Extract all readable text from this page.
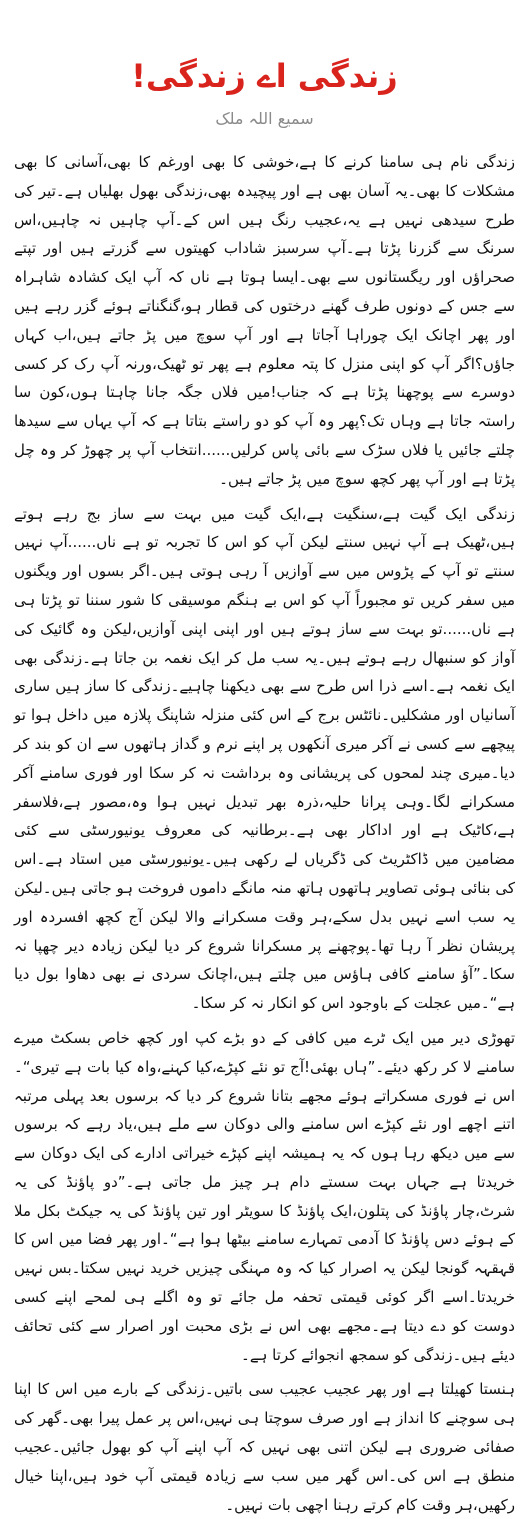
زندگی اے زندگی!
سمیع اللہ ملک

زندگی نام ہی سامنا کرنے کا ہے،خوشی کا بھی اورغم کا بھی،آسانی کا بھی مشکلات کا بھی۔یہ آسان بھی ہے اور پیچیدہ بھی،زندگی بھول بھلیاں ہے۔تیر کی طرح سیدھی نہیں ہے یہ،عجیب رنگ ہیں اس کے۔آپ چاہیں نہ چاہیں،اس سرنگ سے گزرنا پڑتا ہے۔آپ سرسبز شاداب کھیتوں سے گزرتے ہیں اور تپتے صحراؤں اور ریگستانوں سے بھی۔ایسا ہوتا ہے ناں کہ آپ ایک کشادہ شاہراہ سے جس کے دونوں طرف گھنے درختوں کی قطار ہو،گنگناتے ہوئے گزر رہے ہیں اور پھر اچانک ایک چوراہا آجاتا ہے اور آپ سوچ میں پڑ جاتے ہیں،اب کہاں جاؤں؟اگر آپ کو اپنی منزل کا پتہ معلوم ہے پھر تو ٹھیک،ورنہ آپ رک کر کسی دوسرے سے پوچھنا پڑتا ہے کہ جناب!میں فلاں جگہ جانا چاہتا ہوں،کون سا راستہ جاتا ہے وہاں تک؟پھر وہ آپ کو دو راستے بتاتا ہے کہ آپ یہاں سے سیدھا چلتے جائیں یا فلاں سڑک سے بائی پاس کرلیں......انتخاب آپ پر چھوڑ کر وہ چل پڑتا ہے اور آپ پھر کچھ سوچ میں پڑ جاتے ہیں۔

زندگی ایک گیت ہے،سنگیت ہے،ایک گیت میں بہت سے ساز بج رہے ہوتے ہیں،ٹھیک ہے آپ نہیں سنتے لیکن آپ کو اس کا تجربہ تو ہے ناں......آپ نہیں سنتے تو آپ کے پڑوس میں سے آوازیں آ رہی ہوتی ہیں۔اگر بسوں اور ویگنوں میں سفر کریں تو مجبوراً آپ کو اس بے ہنگم موسیقی کا شور سننا تو پڑتا ہی ہے ناں......تو بہت سے ساز ہوتے ہیں اور اپنی اپنی آوازیں،لیکن وہ گائیک کی آواز کو سنبھال رہے ہوتے ہیں۔یہ سب مل کر ایک نغمہ بن جاتا ہے۔زندگی بھی ایک نغمہ ہے۔اسے ذرا اس طرح سے بھی دیکھنا چاہیے۔زندگی کا ساز ہیں ساری آسانیاں اور مشکلیں۔نائٹس برج کے اس کئی منزلہ شاپنگ پلازہ میں داخل ہوا تو پیچھے سے کسی نے آکر میری آنکھوں پر اپنے نرم و گداز ہاتھوں سے ان کو بند کر دیا۔میری چند لمحوں کی پریشانی وہ برداشت نہ کر سکا اور فوری سامنے آکر مسکرانے لگا۔وہی پرانا حلیہ،ذرہ بھر تبدیل نہیں ہوا وہ،مصور ہے،فلاسفر ہے،کاٹیک ہے اور اداکار بھی ہے۔برطانیہ کی معروف یونیورسٹی سے کئی مضامین میں ڈاکٹریٹ کی ڈگریاں لے رکھی ہیں۔یونیورسٹی میں استاد ہے۔اس کی بنائی ہوئی تصاویر ہاتھوں ہاتھ منہ مانگے داموں فروخت ہو جاتی ہیں۔لیکن یہ سب اسے نہیں بدل سکے،ہر وقت مسکرانے والا لیکن آج کچھ افسردہ اور پریشان نظر آ رہا تھا۔پوچھنے پر مسکرانا شروع کر دیا لیکن زیادہ دیر چھپا نہ سکا۔”آؤ سامنے کافی ہاؤس میں چلتے ہیں،اچانک سردی نے بھی دھاوا بول دیا ہے“۔میں عجلت کے باوجود اس کو انکار نہ کر سکا۔

تھوڑی دیر میں ایک ٹرے میں کافی کے دو بڑے کپ اور کچھ خاص بسکٹ میرے سامنے لا کر رکھ دیئے۔”ہاں بھئی!آج تو نئے کپڑے،کیا کہنے،واہ کیا بات ہے تیری“۔اس نے فوری مسکراتے ہوئے مجھے بتانا شروع کر دیا کہ برسوں بعد پہلی مرتبہ اتنے اچھے اور نئے کپڑے اس سامنے والی دوکان سے ملے ہیں،یاد رہے کہ برسوں سے میں دیکھ رہا ہوں کہ یہ ہمیشہ اپنے کپڑے خیراتی ادارے کی ایک دوکان سے خریدتا ہے جہاں بہت سستے دام ہر چیز مل جاتی ہے۔”دو پاؤنڈ کی یہ شرٹ،چار پاؤنڈ کی پتلون،ایک پاؤنڈ کا سویٹر اور تین پاؤنڈ کی یہ جیکٹ بکل ملا کے ہوئے دس پاؤنڈ کا آدمی تمہارے سامنے بیٹھا ہوا ہے“۔اور پھر فضا میں اس کا قہقہہ گونجا لیکن یہ اصرار کیا کہ وہ مہنگی چیزیں خرید نہیں سکتا۔بس نہیں خریدتا۔اسے اگر کوئی قیمتی تحفہ مل جائے تو وہ اگلے ہی لمحے اپنے کسی دوست کو دے دیتا ہے۔مجھے بھی اس نے بڑی محبت اور اصرار سے کئی تحائف دیئے ہیں۔زندگی کو سمجھ انجوائے کرتا ہے۔

ہنستا کھیلتا ہے اور پھر عجیب عجیب سی باتیں۔زندگی کے بارے میں اس کا اپنا ہی سوچنے کا انداز ہے اور صرف سوچتا ہی نہیں،اس پر عمل پیرا بھی۔گھر کی صفائی ضروری ہے لیکن اتنی بھی نہیں کہ آپ اپنے آپ کو بھول جائیں۔عجیب منطق ہے اس کی۔اس گھر میں سب سے زیادہ قیمتی آپ خود ہیں،اپنا خیال رکھیں،ہر وقت کام کرتے رہنا اچھی بات نہیں۔
